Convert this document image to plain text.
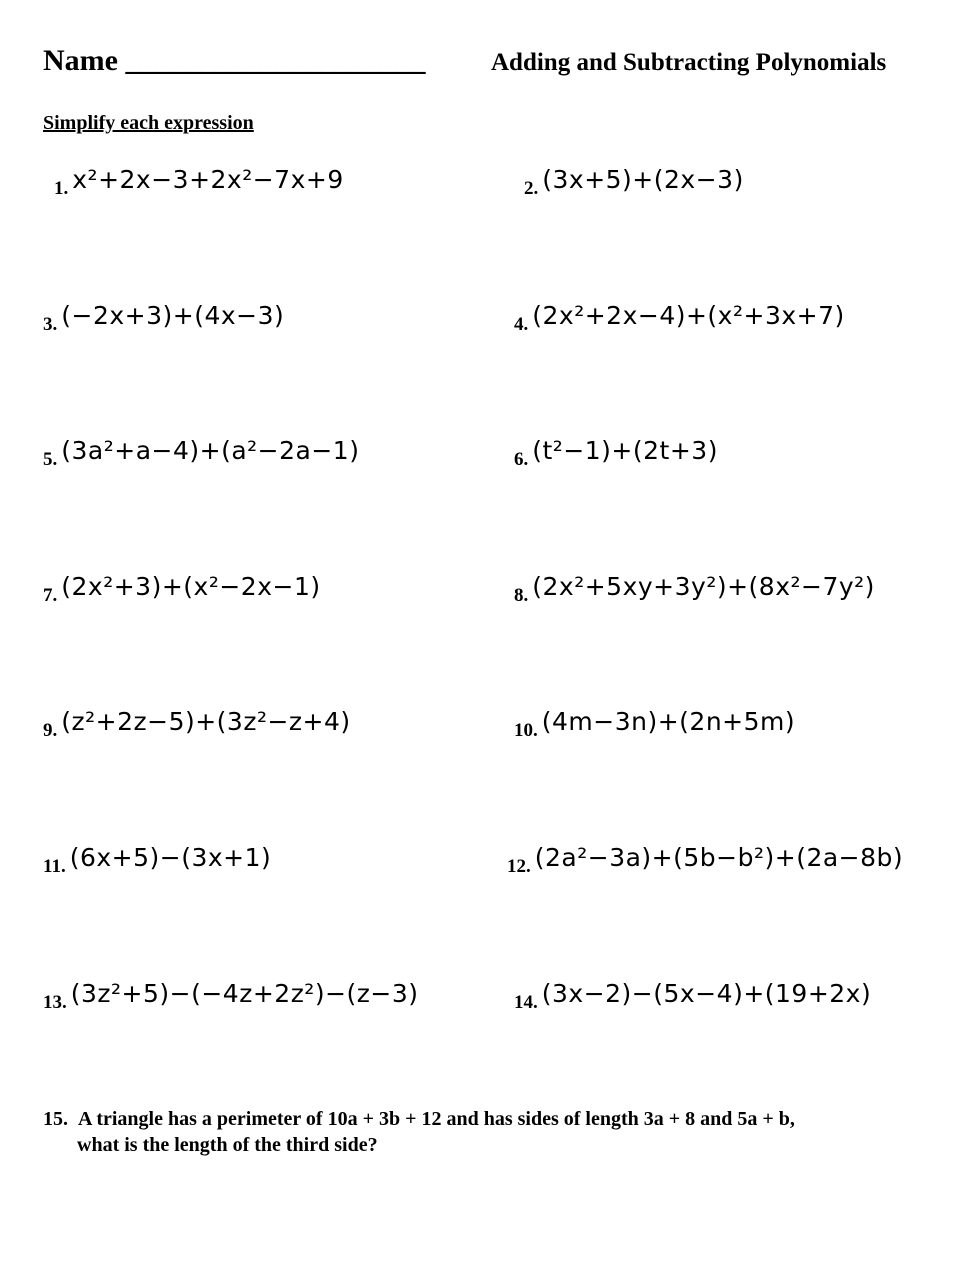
Name ____________________	Adding and Subtracting Polynomials
Simplify each expression
1. x²+2x−3+2x²−7x+9	2. (3x+5)+(2x−3)
3. (−2x+3)+(4x−3)	4. (2x²+2x−4)+(x²+3x+7)
5. (3a²+a−4)+(a²−2a−1)	6. (t²−1)+(2t+3)
7. (2x²+3)+(x²−2x−1)	8. (2x²+5xy+3y²)+(8x²−7y²)
9. (z²+2z−5)+(3z²−z+4)	10. (4m−3n)+(2n+5m)
11. (6x+5)−(3x+1)	12. (2a²−3a)+(5b−b²)+(2a−8b)
13. (3z²+5)−(−4z+2z²)−(z−3)	14. (3x−2)−(5x−4)+(19+2x)
15. A triangle has a perimeter of 10a + 3b + 12 and has sides of length 3a + 8 and 5a + b,
what is the length of the third side?
